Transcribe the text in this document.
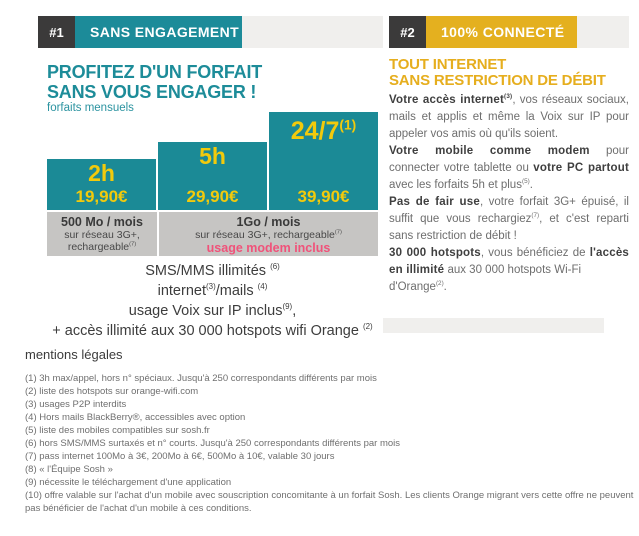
#1	SANS ENGAGEMENT
PROFITEZ D'UN FORFAIT
SANS VOUS ENGAGER !
forfaits mensuels
2h
19,90€
5h
29,90€
24/7$^{(1)}$
39,90€
500 Mo / mois
sur réseau 3G+,
rechargeable$^{(7)}$
1Go / mois
sur réseau 3G+, rechargeable$^{(7)}$
usage modem inclus
SMS/MMS illimités $^{(6)}$
internet$^{(3)}$/mails $^{(4)}$
usage Voix sur IP inclus$^{(9)}$,
+ accès illimité aux 30 000 hotspots wifi Orange $^{(2)}$
#2	100% CONNECTÉ
TOUT INTERNET
SANS RESTRICTION DE DÉBIT

Votre accès internet$^{(3)}$, vos réseaux sociaux, mails et applis et même la Voix sur IP pour appeler vos amis où qu'ils soient.

Votre mobile comme modem pour connecter votre tablette ou votre PC partout avec les forfaits 5h et plus$^{(5)}$.

Pas de fair use, votre forfait 3G+ épuisé, il suffit que vous rechargiez$^{(7)}$, et c'est reparti sans restriction de débit !

30 000 hotspots, vous bénéficiez de l'accès en illimité aux 30 000 hotspots Wi-Fi

d'Orange$^{(2)}$.

mentions légales
(1) 3h max/appel, hors n° spéciaux. Jusqu'à 250 correspondants différents par mois
(2) liste des hotspots sur orange-wifi.com
(3) usages P2P interdits
(4) Hors mails BlackBerry®, accessibles avec option
(5) liste des mobiles compatibles sur sosh.fr
(6) hors SMS/MMS surtaxés et n° courts. Jusqu'à 250 correspondants différents par mois
(7) pass internet 100Mo à 3€, 200Mo à 6€, 500Mo à 10€, valable 30 jours
(8) « l'Équipe Sosh »
(9) nécessite le téléchargement d'une application
(10) offre valable sur l'achat d'un mobile avec souscription concomitante à un forfait Sosh. Les clients Orange migrant vers cette offre ne peuvent pas bénéficier de l'achat d'un mobile à ces conditions.
